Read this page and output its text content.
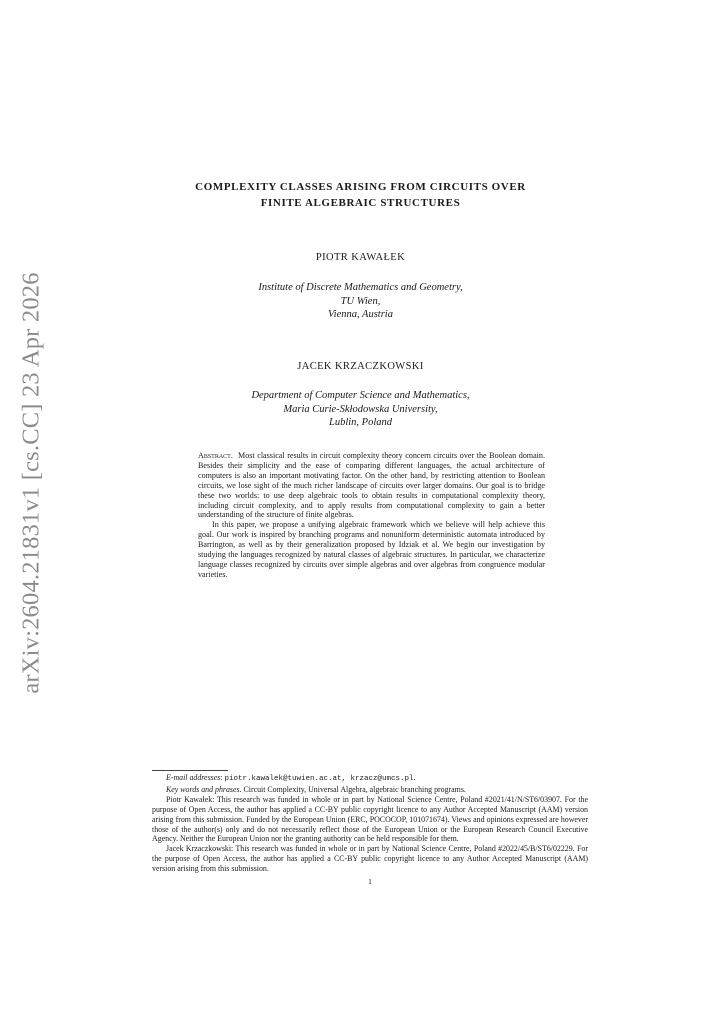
arXiv:2604.21831v1 [cs.CC] 23 Apr 2026
COMPLEXITY CLASSES ARISING FROM CIRCUITS OVER
FINITE ALGEBRAIC STRUCTURES
PIOTR KAWAŁEK
Institute of Discrete Mathematics and Geometry,
TU Wien,
Vienna, Austria
JACEK KRZACZKOWSKI
Department of Computer Science and Mathematics,
Maria Curie-Skłodowska University,
Lublin, Poland

Abstract. Most classical results in circuit complexity theory concern circuits over the Boolean domain. Besides their simplicity and the ease of comparing different languages, the actual architecture of computers is also an important motivating factor. On the other hand, by restricting attention to Boolean circuits, we lose sight of the much richer landscape of circuits over larger domains. Our goal is to bridge these two worlds: to use deep algebraic tools to obtain results in computational complexity theory, including circuit complexity, and to apply results from computational complexity to gain a better understanding of the structure of finite algebras.

In this paper, we propose a unifying algebraic framework which we believe will help achieve this goal. Our work is inspired by branching programs and nonuniform deterministic automata introduced by Barrington, as well as by their generalization proposed by Idziak et al. We begin our investigation by studying the languages recognized by natural classes of algebraic structures. In particular, we characterize language classes recognized by circuits over simple algebras and over algebras from congruence modular varieties.

E-mail addresses: piotr.kawalek@tuwien.ac.at, krzacz@umcs.pl.

Key words and phrases. Circuit Complexity, Universal Algebra, algebraic branching programs.

Piotr Kawałek: This research was funded in whole or in part by National Science Centre, Poland #2021/41/N/ST6/03907. For the purpose of Open Access, the author has applied a CC-BY public copyright licence to any Author Accepted Manuscript (AAM) version arising from this submission. Funded by the European Union (ERC, POCOCOP, 101071674). Views and opinions expressed are however those of the author(s) only and do not necessarily reflect those of the European Union or the European Research Council Executive Agency. Neither the European Union nor the granting authority can be held responsible for them.

Jacek Krzaczkowski: This research was funded in whole or in part by National Science Centre, Poland #2022/45/B/ST6/02229. For the purpose of Open Access, the author has applied a CC-BY public copyright licence to any Author Accepted Manuscript (AAM) version arising from this submission.

1
